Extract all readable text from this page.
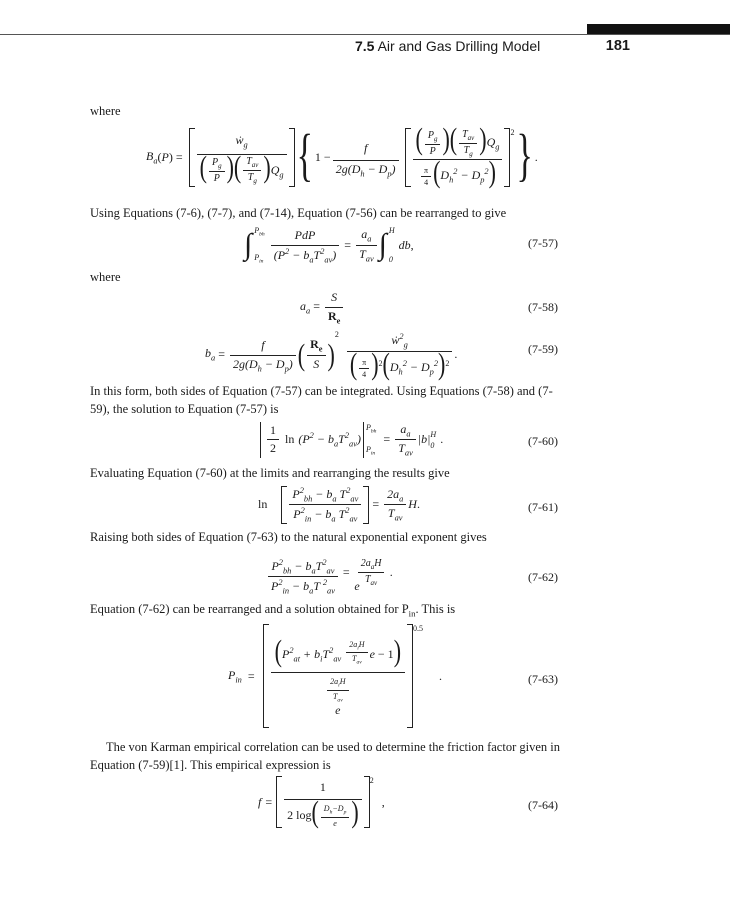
7.5 Air and Gas Drilling Model	181
where
$B_a$ ( P ) = $\frac{ẇ_g}{( \frac{P_g}{P} )( \frac{T_{av}}{T_g} )Q_g}$ { $1 - \frac{f}{2g(D_h - D_p)} \frac{( \frac{P_g}{P} )( \frac{T_{av}}{T_g} )Q_g}{\frac{\pi}{4} (D_h^2 - D_p^2)} ^2$ } .
Using Equations (7-6), (7-7), and (7-14), Equation (7-56) can be rearranged to give
∫ $P_{bh}$
$P_{in} \frac{\text{PdP}}{(P^2 - b_aT^2_{av})} = \frac{a_a}{T_{av}}$ ∫ H
0
db ,	(7-57)
where
$a_a = \frac{S}{R_e}$	(7-58)
$b_a = \frac{f}{2g(D_h - D_p)}$ ( $\frac{R_e}{S}$ )
$2 \frac{ẇ^2_g}{( \frac{\pi}{4} )^2(D_h^2 - D_p^2)^2}$ .	(7-59)
In this form, both sides of Equation (7-57) can be integrated. Using Equations (7-58) and (7-59), the solution to Equation (7-57) is
$\frac{1}{2}$ $\ln (P^2 - b_aT^2_{av})$
$P_{bh}$
$P_{in}$
= $\frac{a_a}{T_{av}} |b|$ H
0 .	(7-60)
Evaluating Equation (7-60) at the limits and rearranging the results give
$\ln \frac{P^2_{bh} - b_a T^2_{av}}{P^2_{in} - b_a T^2_{av}} = \frac{2a_a}{T_{av}}$ H .	(7-61)
Raising both sides of Equation (7-63) to the natural exponential exponent gives
$\frac{P^2_{bh} - b_aT^2_{av}}{P^2_{in} - b_aT ^2_{av}} = \frac{2a_aH}{T_{av}}$
e
.	(7-62)
Equation (7-62) can be rearranged and a solution obtained for $P_{in}$. This is
$P_{in}$ =
($P^2_{at} + b_iT^2_{av} \frac{2a_iH}{T_{av}}$ e − 1)
$\frac{2a_iH}{T_{av}}$

e
$^{0.5}$
.	(7-63)
The von Karman empirical correlation can be used to determine the friction factor given in Equation (7-59)[1]. This empirical expression is
$f = \frac{1}{2 \log( \frac{D_h-D_p}{e} )} ^2$
,	(7-64)
